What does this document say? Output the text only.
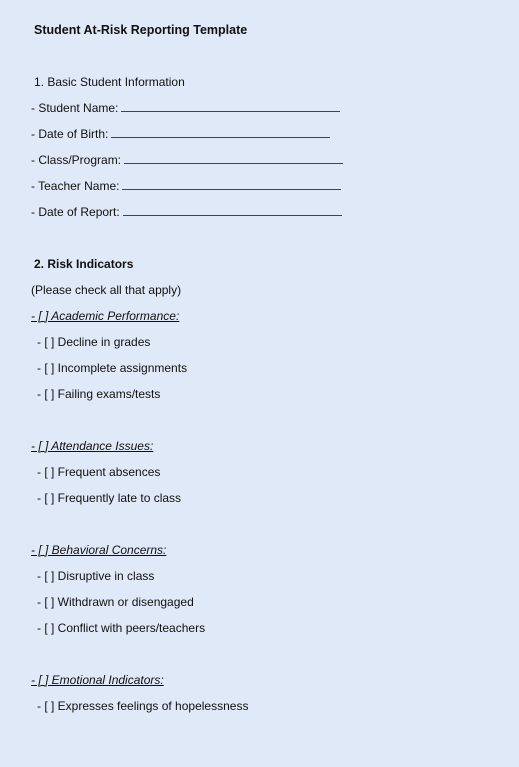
Student At-Risk Reporting Template
1. Basic Student Information
- Student Name:
- Date of Birth:
- Class/Program:
- Teacher Name:
- Date of Report:
2. Risk Indicators
(Please check all that apply)
- [ ] Academic Performance:
- [ ] Decline in grades
- [ ] Incomplete assignments
- [ ] Failing exams/tests
- [ ] Attendance Issues:
- [ ] Frequent absences
- [ ] Frequently late to class
- [ ] Behavioral Concerns:
- [ ] Disruptive in class
- [ ] Withdrawn or disengaged
- [ ] Conflict with peers/teachers
- [ ] Emotional Indicators:
- [ ] Expresses feelings of hopelessness
